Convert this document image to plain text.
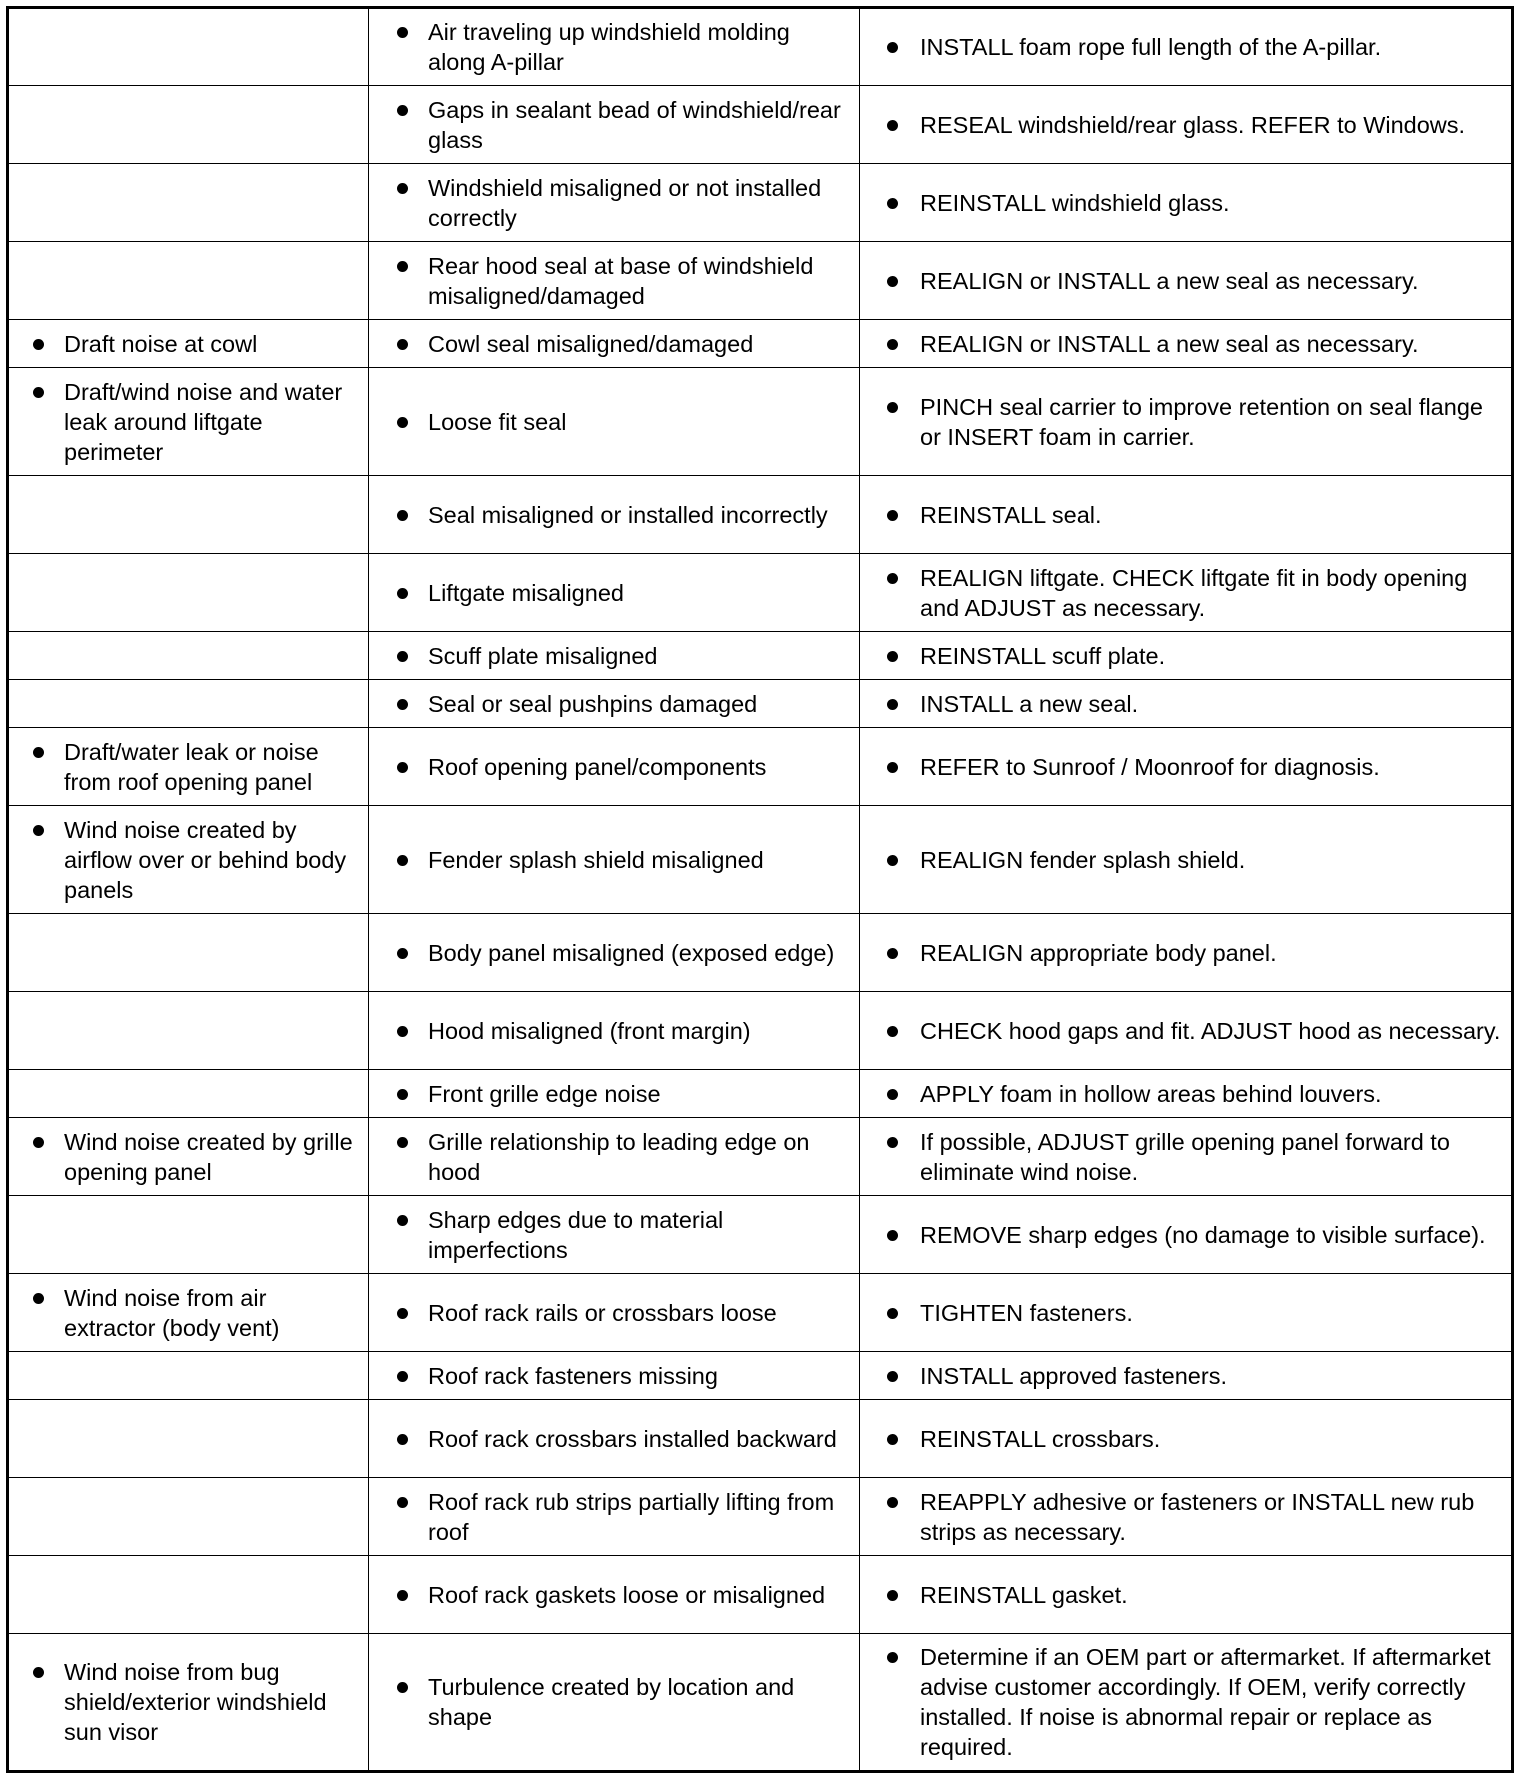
	Air traveling up windshield molding along A-pillar	INSTALL foam rope full length of the A-pillar.

	Gaps in sealant bead of windshield/rear glass	RESEAL windshield/rear glass. REFER to Windows.

	Windshield misaligned or not installed correctly	REINSTALL windshield glass.

	Rear hood seal at base of windshield misaligned/damaged	REALIGN or INSTALL a new seal as necessary.

Draft noise at cowl	Cowl seal misaligned/damaged	REALIGN or INSTALL a new seal as necessary.

Draft/wind noise and water leak around liftgate perimeter	Loose fit seal	PINCH seal carrier to improve retention on seal flange or INSERT foam in carrier.

	Seal misaligned or installed incorrectly	REINSTALL seal.

	Liftgate misaligned	REALIGN liftgate. CHECK liftgate fit in body opening and ADJUST as necessary.

	Scuff plate misaligned	REINSTALL scuff plate.

	Seal or seal pushpins damaged	INSTALL a new seal.

Draft/water leak or noise from roof opening panel	Roof opening panel/components	REFER to Sunroof / Moonroof for diagnosis.

Wind noise created by airflow over or behind body panels	Fender splash shield misaligned	REALIGN fender splash shield.

	Body panel misaligned (exposed edge)	REALIGN appropriate body panel.

	Hood misaligned (front margin)	CHECK hood gaps and fit. ADJUST hood as necessary.

	Front grille edge noise	APPLY foam in hollow areas behind louvers.

Wind noise created by grille opening panel	Grille relationship to leading edge on hood	If possible, ADJUST grille opening panel forward to eliminate wind noise.

	Sharp edges due to material imperfections	REMOVE sharp edges (no damage to visible surface).

Wind noise from air extractor (body vent)	Roof rack rails or crossbars loose	TIGHTEN fasteners.

	Roof rack fasteners missing	INSTALL approved fasteners.

	Roof rack crossbars installed backward	REINSTALL crossbars.

	Roof rack rub strips partially lifting from roof	REAPPLY adhesive or fasteners or INSTALL new rub strips as necessary.

	Roof rack gaskets loose or misaligned	REINSTALL gasket.

Wind noise from bug shield/exterior windshield sun visor	Turbulence created by location and shape	Determine if an OEM part or aftermarket. If aftermarket advise customer accordingly. If OEM, verify correctly installed. If noise is abnormal repair or replace as required.
